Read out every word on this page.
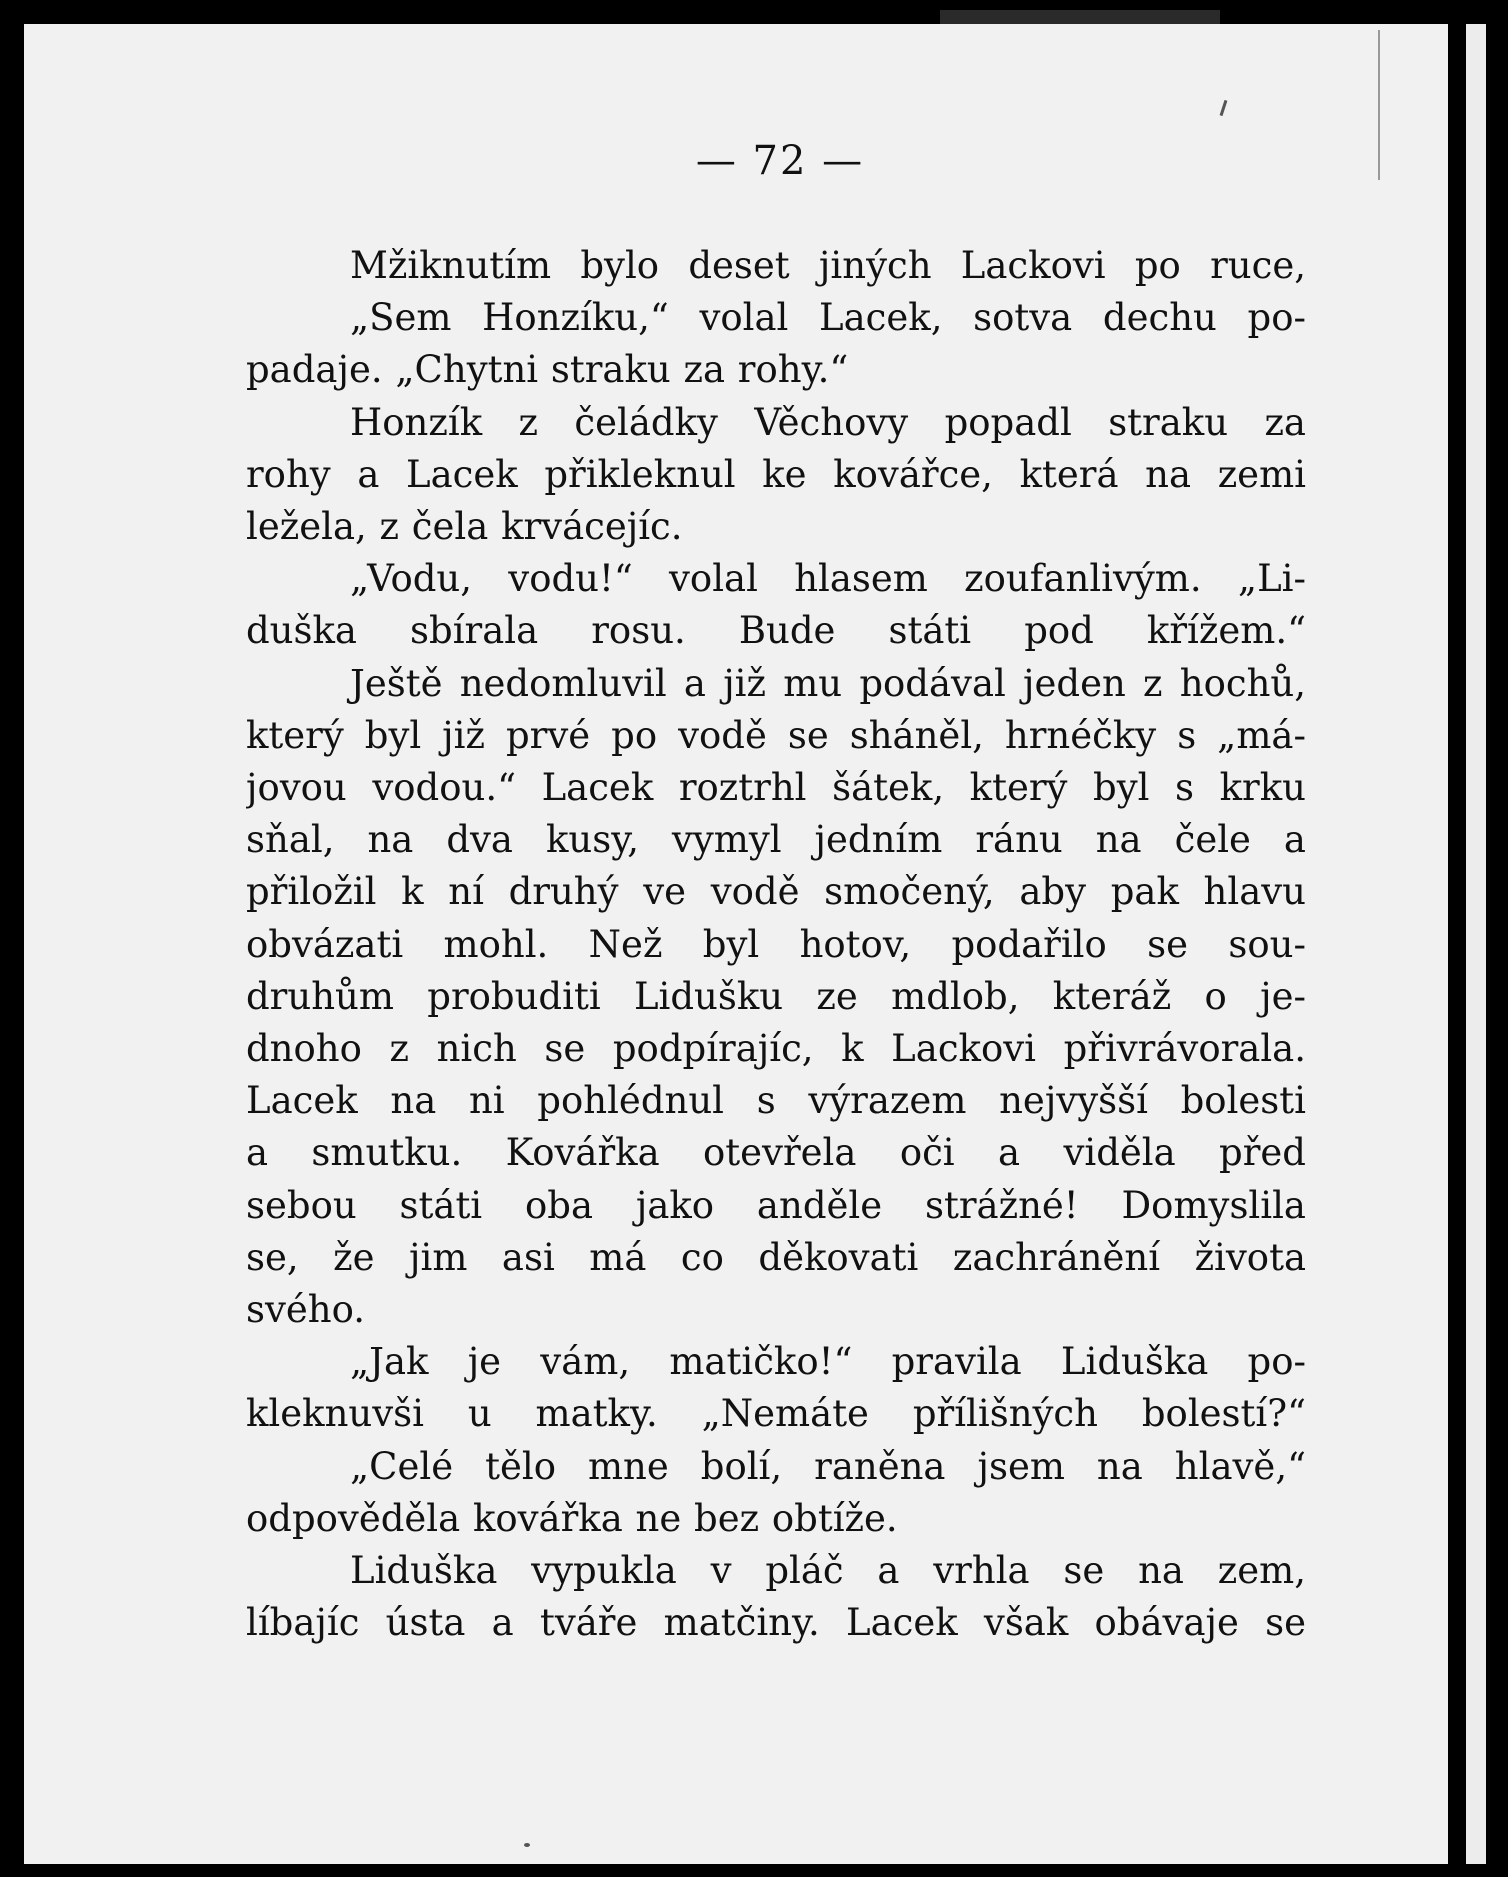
— 72 —
Mžiknutím bylo deset jiných Lackovi po ruce,
„Sem Honzíku,“ volal Lacek, sotva dechu po-
padaje. „Chytni straku za rohy.“
Honzík z čeládky Věchovy popadl straku za
rohy a Lacek přikleknul ke kovářce, která na zemi
ležela, z čela krvácejíc.
„Vodu, vodu!“ volal hlasem zoufanlivým. „Li-
duška sbírala rosu. Bude státi pod křížem.“
Ještě nedomluvil a již mu podával jeden z hochů,
který byl již prvé po vodě se sháněl, hrnéčky s „má-
jovou vodou.“ Lacek roztrhl šátek, který byl s krku
sňal, na dva kusy, vymyl jedním ránu na čele a
přiložil k ní druhý ve vodě smočený, aby pak hlavu
obvázati mohl. Než byl hotov, podařilo se sou-
druhům probuditi Lidušku ze mdlob, kteráž o je-
dnoho z nich se podpírajíc, k Lackovi přivrávorala.
Lacek na ni pohlédnul s výrazem nejvyšší bolesti
a smutku. Kovářka otevřela oči a viděla před
sebou státi oba jako anděle strážné! Domyslila
se, že jim asi má co děkovati zachránění života
svého.
„Jak je vám, matičko!“ pravila Liduška po-
kleknuvši u matky. „Nemáte přílišných bolestí?“
„Celé tělo mne bolí, raněna jsem na hlavě,“
odpověděla kovářka ne bez obtíže.
Liduška vypukla v pláč a vrhla se na zem,
líbajíc ústa a tváře matčiny. Lacek však obávaje se
